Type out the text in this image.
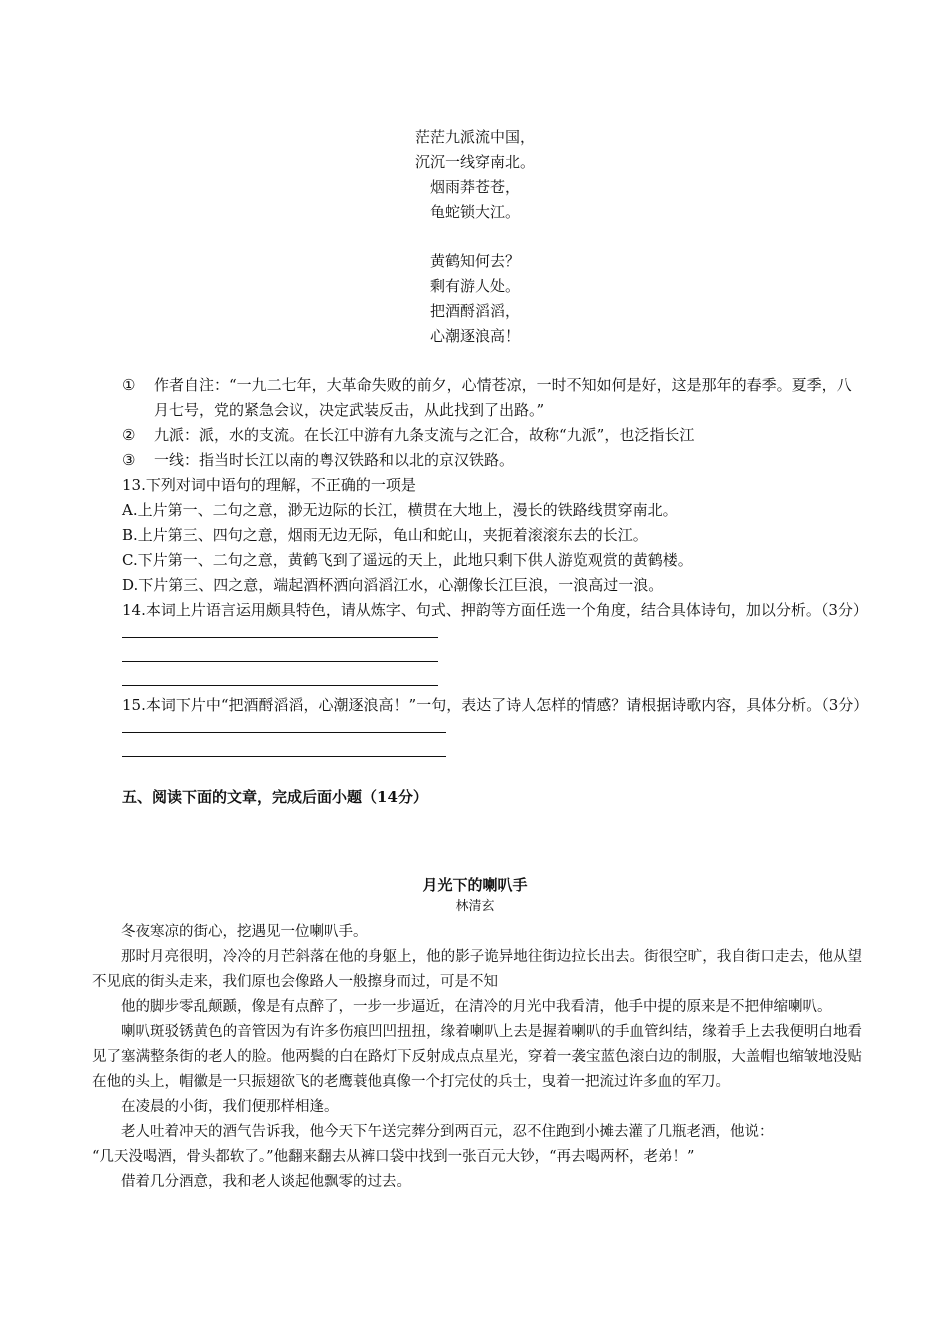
茫茫九派流中国，
沉沉一线穿南北。
烟雨莽苍苍，
龟蛇锁大江。
黄鹤知何去？
剩有游人处。
把酒酹滔滔，
心潮逐浪高！
① 作者自注：“一九二七年，大革命失败的前夕，心情苍凉，一时不知如何是好，这是那年的春季。夏季，八月七号，党的紧急会议，决定武装反击，从此找到了出路。”
② 九派：派，水的支流。在长江中游有九条支流与之汇合，故称“九派”，也泛指长江
③ 一线：指当时长江以南的粤汉铁路和以北的京汉铁路。
13.下列对词中语句的理解，不正确的一项是
A.上片第一、二句之意，渺无边际的长江，横贯在大地上，漫长的铁路线贯穿南北。
B.上片第三、四句之意，烟雨无边无际，龟山和蛇山，夹扼着滚滚东去的长江。
C.下片第一、二句之意，黄鹤飞到了遥远的天上，此地只剩下供人游览观赏的黄鹤楼。
D.下片第三、四之意，端起酒杯洒向滔滔江水，心潮像长江巨浪，一浪高过一浪。
14.本词上片语言运用颇具特色，请从炼字、句式、押韵等方面任选一个角度，结合具体诗句，加以分析。（3分）
15.本词下片中“把酒酹滔滔，心潮逐浪高！”一句，表达了诗人怎样的情感？请根据诗歌内容，具体分析。（3分）
五、阅读下面的文章，完成后面小题（14分）
月光下的喇叭手
林清玄

冬夜寒凉的街心，挖遇见一位喇叭手。

那时月亮很明，冷冷的月芒斜落在他的身躯上，他的影子诡异地往街边拉长出去。街很空旷，我自街口走去，他从望不见底的街头走来，我们原也会像路人一般擦身而过，可是不知

他的脚步零乱颠踬，像是有点醉了，一步一步逼近，在清冷的月光中我看清，他手中提的原来是不把伸缩喇叭。

喇叭斑驳锈黄色的音管因为有许多伤痕凹凹扭扭，缘着喇叭上去是握着喇叭的手血管纠结，缘着手上去我便明白地看见了塞满整条街的老人的脸。他两鬓的白在路灯下反射成点点星光，穿着一袭宝蓝色滚白边的制服，大盖帽也缩皱地没贴在他的头上，帽徽是一只振翅欲飞的老鹰蓑他真像一个打完仗的兵士，曳着一把流过许多血的军刀。

在凌晨的小街，我们便那样相逢。

老人吐着冲天的酒气告诉我，他今天下午送完葬分到两百元，忍不住跑到小摊去灌了几瓶老酒，他说：

“几天没喝酒，骨头都软了。”他翻来翻去从裤口袋中找到一张百元大钞，“再去喝两杯，老弟！”

借着几分酒意，我和老人谈起他飘零的过去。
